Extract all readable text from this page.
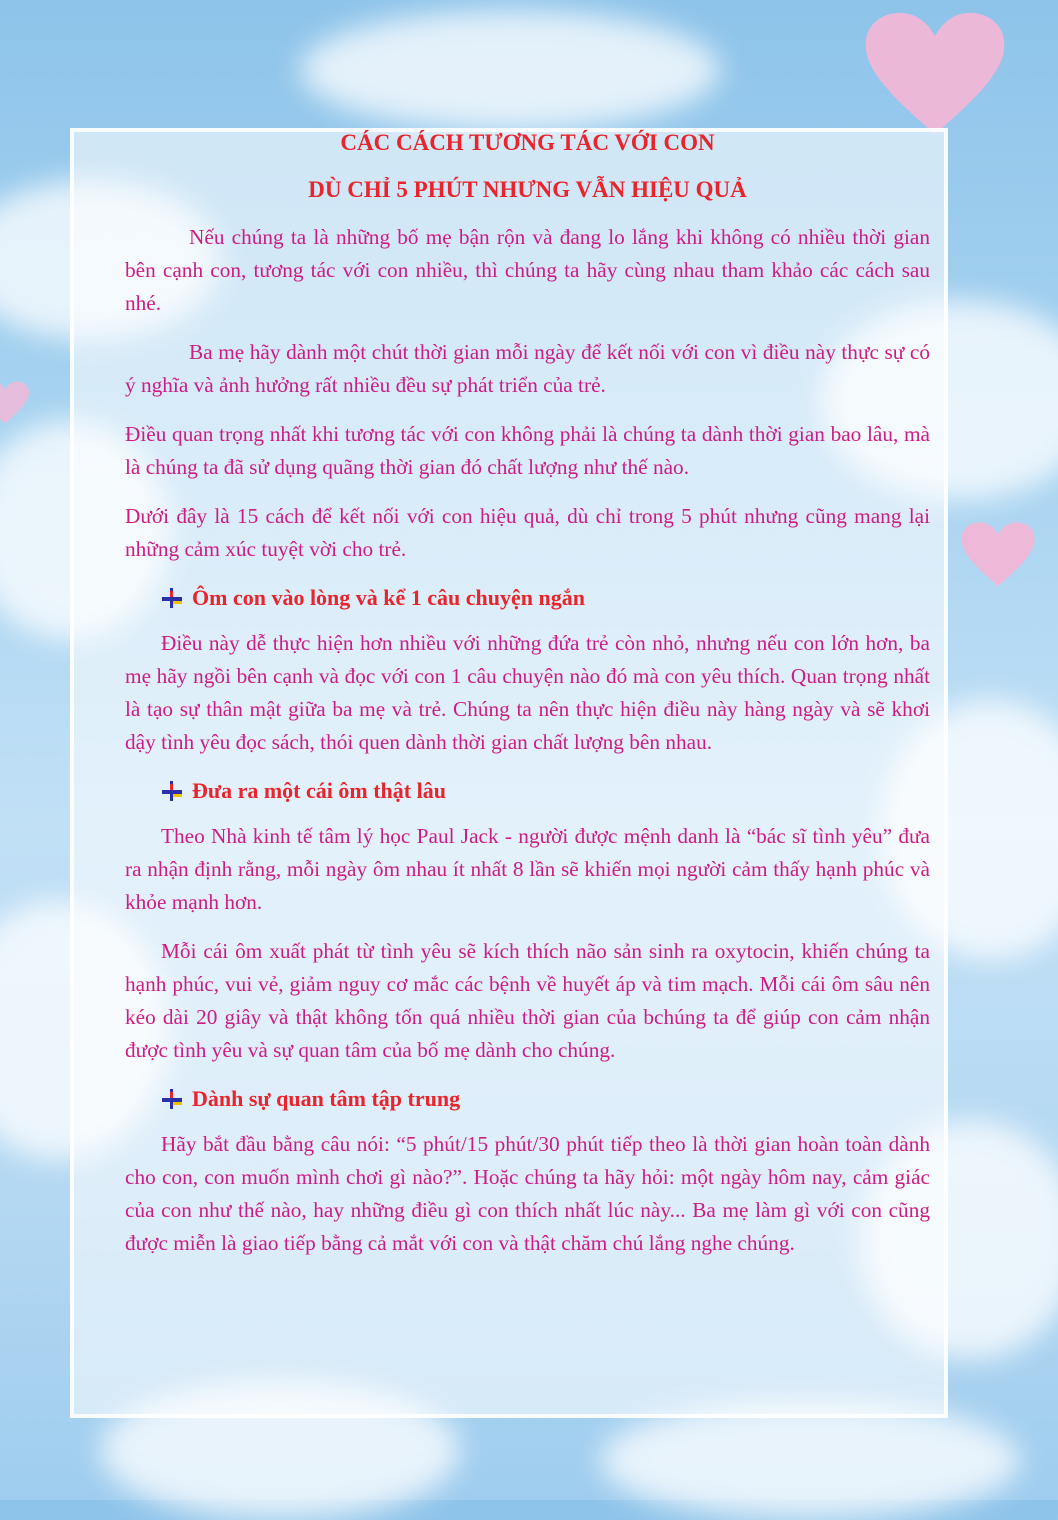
CÁC CÁCH TƯƠNG TÁC VỚI CON
DÙ CHỈ 5 PHÚT NHƯNG VẪN HIỆU QUẢ

Nếu chúng ta là những bố mẹ bận rộn và đang lo lắng khi không có nhiều thời gian bên cạnh con, tương tác với con nhiều, thì chúng ta hãy cùng nhau tham khảo các cách sau nhé.

Ba mẹ hãy dành một chút thời gian mỗi ngày để kết nối với con vì điều này thực sự có ý nghĩa và ảnh hưởng rất nhiều đều sự phát triển của trẻ.

Điều quan trọng nhất khi tương tác với con không phải là chúng ta dành thời gian bao lâu, mà là chúng ta đã sử dụng quãng thời gian đó chất lượng như thế nào.

Dưới đây là 15 cách để kết nối với con hiệu quả, dù chỉ trong 5 phút nhưng cũng mang lại những cảm xúc tuyệt vời cho trẻ.

Ôm con vào lòng và kể 1 câu chuyện ngắn

Điều này dễ thực hiện hơn nhiều với những đứa trẻ còn nhỏ, nhưng nếu con lớn hơn, ba mẹ hãy ngồi bên cạnh và đọc với con 1 câu chuyện nào đó mà con yêu thích. Quan trọng nhất là tạo sự thân mật giữa ba mẹ và trẻ. Chúng ta nên thực hiện điều này hàng ngày và sẽ khơi dậy tình yêu đọc sách, thói quen dành thời gian chất lượng bên nhau.

Đưa ra một cái ôm thật lâu

Theo Nhà kinh tế tâm lý học Paul Jack - người được mệnh danh là “bác sĩ tình yêu” đưa ra nhận định rằng, mỗi ngày ôm nhau ít nhất 8 lần sẽ khiến mọi người cảm thấy hạnh phúc và khỏe mạnh hơn.

Mỗi cái ôm xuất phát từ tình yêu sẽ kích thích não sản sinh ra oxytocin, khiến chúng ta hạnh phúc, vui vẻ, giảm nguy cơ mắc các bệnh về huyết áp và tim mạch. Mỗi cái ôm sâu nên kéo dài 20 giây và thật không tốn quá nhiều thời gian của bchúng ta để giúp con cảm nhận được tình yêu và sự quan tâm của bố mẹ dành cho chúng.

Dành sự quan tâm tập trung

Hãy bắt đầu bằng câu nói: “5 phút/15 phút/30 phút tiếp theo là thời gian hoàn toàn dành cho con, con muốn mình chơi gì nào?”. Hoặc chúng ta hãy hỏi: một ngày hôm nay, cảm giác của con như thế nào, hay những điều gì con thích nhất lúc này... Ba mẹ làm gì với con cũng được miễn là giao tiếp bằng cả mắt với con và thật chăm chú lắng nghe chúng.
